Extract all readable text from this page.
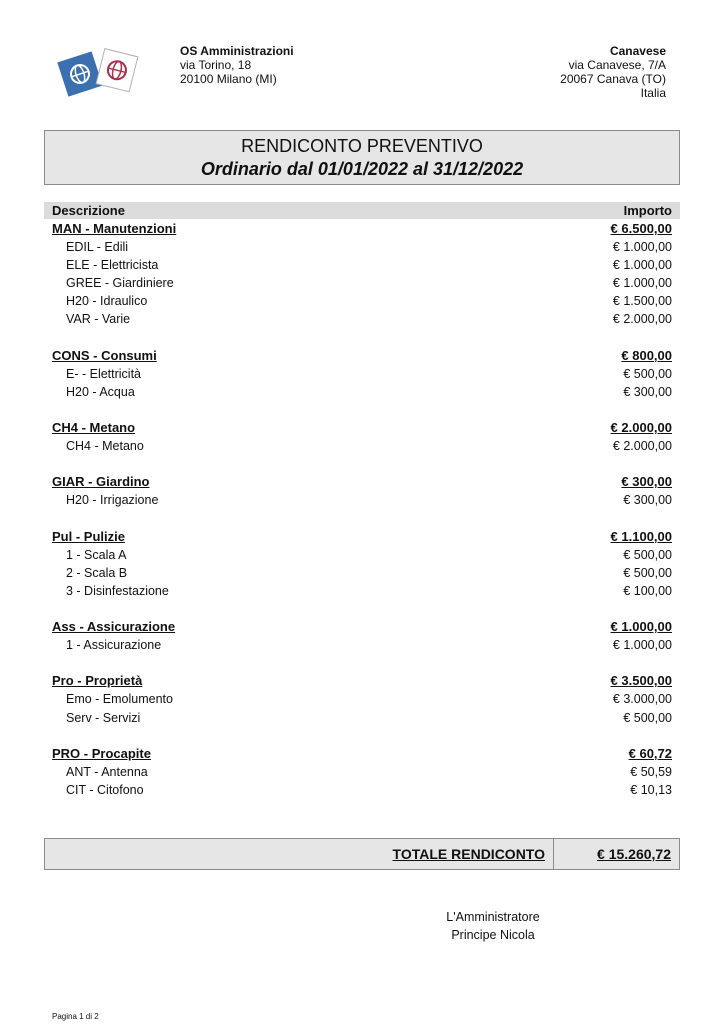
OS Amministrazioni
via Torino, 18
20100 Milano (MI)
Canavese
via Canavese, 7/A
20067 Canava (TO)
Italia
RENDICONTO PREVENTIVO
Ordinario dal 01/01/2022 al 31/12/2022
Descrizione	Importo
MAN - Manutenzioni	€ 6.500,00
EDIL - Edili	€ 1.000,00
ELE - Elettricista	€ 1.000,00
GREE - Giardiniere	€ 1.000,00
H20 - Idraulico	€ 1.500,00
VAR - Varie	€ 2.000,00
CONS - Consumi	€ 800,00
E- - Elettricità	€ 500,00
H20 - Acqua	€ 300,00
CH4 - Metano	€ 2.000,00
CH4 - Metano	€ 2.000,00
GIAR - Giardino	€ 300,00
H20 - Irrigazione	€ 300,00
Pul - Pulizie	€ 1.100,00
1 - Scala A	€ 500,00
2 - Scala B	€ 500,00
3 - Disinfestazione	€ 100,00
Ass - Assicurazione	€ 1.000,00
1 - Assicurazione	€ 1.000,00
Pro - Proprietà	€ 3.500,00
Emo - Emolumento	€ 3.000,00
Serv - Servizi	€ 500,00
PRO - Procapite	€ 60,72
ANT - Antenna	€ 50,59
CIT - Citofono	€ 10,13
TOTALE RENDICONTO	€ 15.260,72
L'Amministratore
Principe Nicola
Pagina 1 di 2
